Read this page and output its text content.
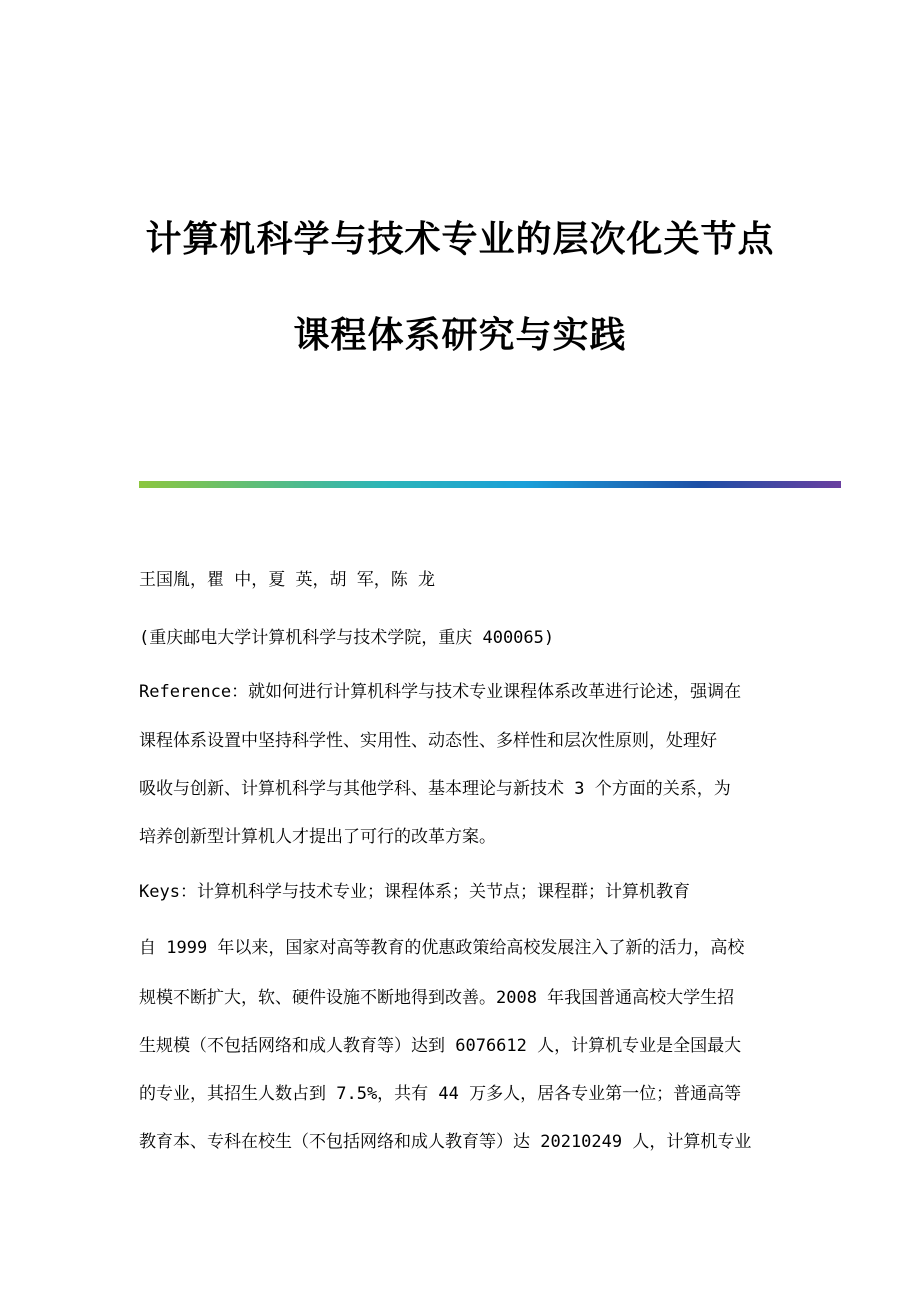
计算机科学与技术专业的层次化关节点
课程体系研究与实践
王国胤，瞿 中，夏 英，胡 军，陈 龙
(重庆邮电大学计算机科学与技术学院，重庆 400065)
Reference：就如何进行计算机科学与技术专业课程体系改革进行论述，强调在
课程体系设置中坚持科学性、实用性、动态性、多样性和层次性原则，处理好
吸收与创新、计算机科学与其他学科、基本理论与新技术 3 个方面的关系，为
培养创新型计算机人才提出了可行的改革方案。
Keys：计算机科学与技术专业；课程体系；关节点；课程群；计算机教育
自 1999 年以来，国家对高等教育的优惠政策给高校发展注入了新的活力，高校
规模不断扩大，软、硬件设施不断地得到改善。2008 年我国普通高校大学生招
生规模（不包括网络和成人教育等）达到 6076612 人，计算机专业是全国最大
的专业，其招生人数占到 7.5%，共有 44 万多人，居各专业第一位；普通高等
教育本、专科在校生（不包括网络和成人教育等）达 20210249 人，计算机专业
